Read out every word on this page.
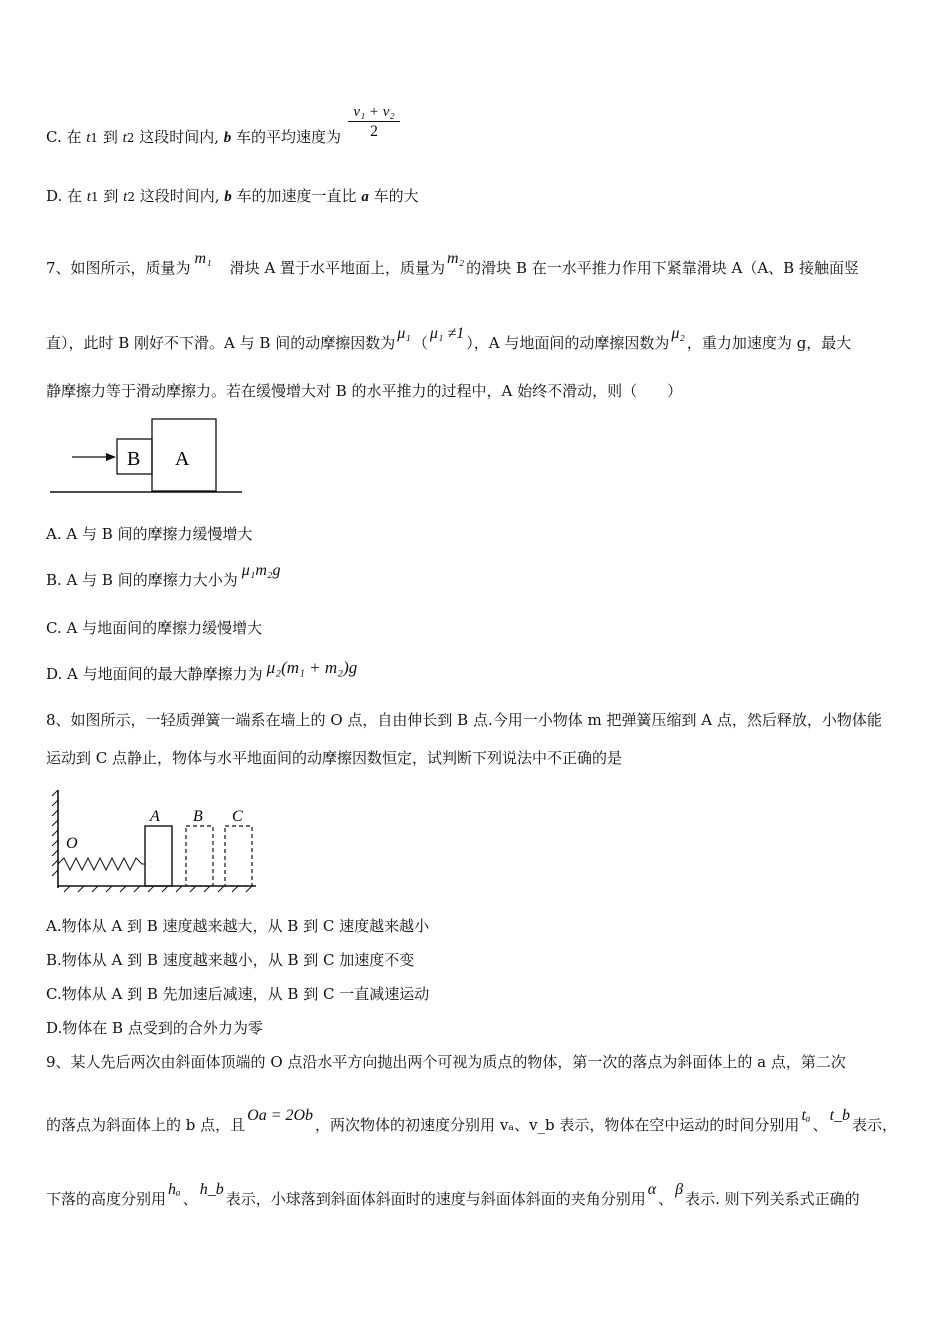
C. 在 t1 到 t2 这段时间内, b 车的平均速度为 $\frac{\text{v₁ + v₂}}{2}$
D. 在 t1 到 t2 这段时间内, b 车的加速度一直比 a 车的大
7、如图所示，质量为m₁滑块 A 置于水平地面上，质量为m₂的滑块 B 在一水平推力作用下紧靠滑块 A（A、B 接触面竖
直），此时 B 刚好不下滑。A 与 B 间的动摩擦因数为μ₁（μ₁ ≠1），A 与地面间的动摩擦因数为μ₂，重力加速度为 g，最大
静摩擦力等于滑动摩擦力。若在缓慢增大对 B 的水平推力的过程中，A 始终不滑动，则（　　）
B A
A. A 与 B 间的摩擦力缓慢增大
B. A 与 B 间的摩擦力大小为μ₁m₂g
C. A 与地面间的摩擦力缓慢增大
D. A 与地面间的最大静摩擦力为 μ₂(m₁ + m₂)g
8、如图所示，一轻质弹簧一端系在墙上的 O 点，自由伸长到 B 点.今用一小物体 m 把弹簧压缩到 A 点，然后释放，小物体能
运动到 C 点静止，物体与水平地面间的动摩擦因数恒定，试判断下列说法中不正确的是
O
A B C
A.物体从 A 到 B 速度越来越大，从 B 到 C 速度越来越小
B.物体从 A 到 B 速度越来越小，从 B 到 C 加速度不变
C.物体从 A 到 B 先加速后减速，从 B 到 C 一直减速运动
D.物体在 B 点受到的合外力为零
9、某人先后两次由斜面体顶端的 O 点沿水平方向抛出两个可视为质点的物体，第一次的落点为斜面体上的 a 点，第二次
的落点为斜面体上的 b 点，且Oa = 2Ob，两次物体的初速度分别用 vₐ、v_b 表示，物体在空中运动的时间分别用tₐ、t_b表示，
下落的高度分别用hₐ、h_b表示，小球落到斜面体斜面时的速度与斜面体斜面的夹角分别用α、β表示. 则下列关系式正确的
